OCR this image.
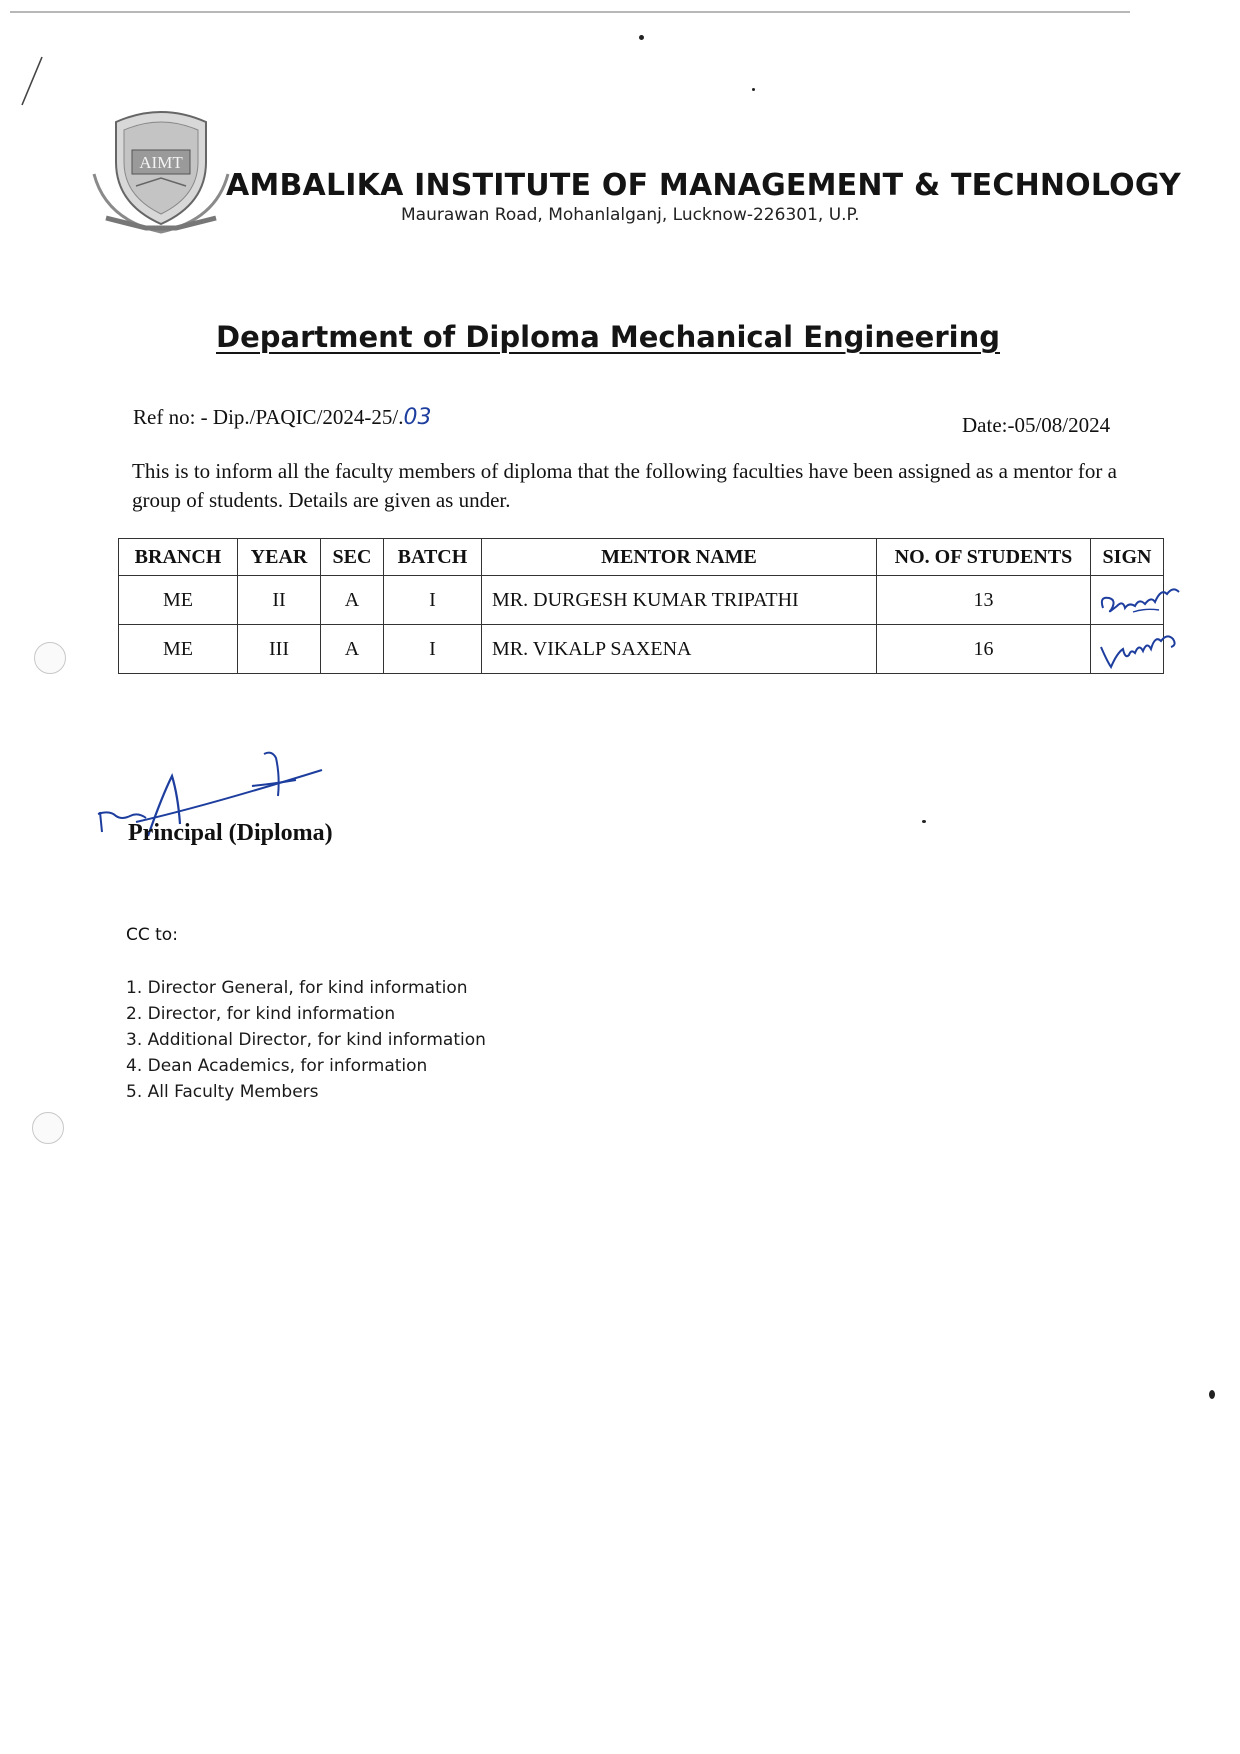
AIMT
AMBALIKA INSTITUTE OF MANAGEMENT & TECHNOLOGY

Maurawan Road, Mohanlalganj, Lucknow-226301, U.P.

Department of Diploma Mechanical Engineering
Ref no: - Dip./PAQIC/2024-25/.03	Date:-05/08/2024

This is to inform all the faculty members of diploma that the following faculties have been assigned as a mentor for a group of students. Details are given as under.

BRANCH	YEAR	SEC	BATCH	MENTOR NAME	NO. OF STUDENTS	SIGN
ME	II	A	I	MR. DURGESH KUMAR TRIPATHI	13	

ME	III	A	I	MR. VIKALP SAXENA	16	
Principal (Diploma)
CC to:
1. Director General, for kind information
2. Director, for kind information
3. Additional Director, for kind information
4. Dean Academics, for information
5. All Faculty Members
